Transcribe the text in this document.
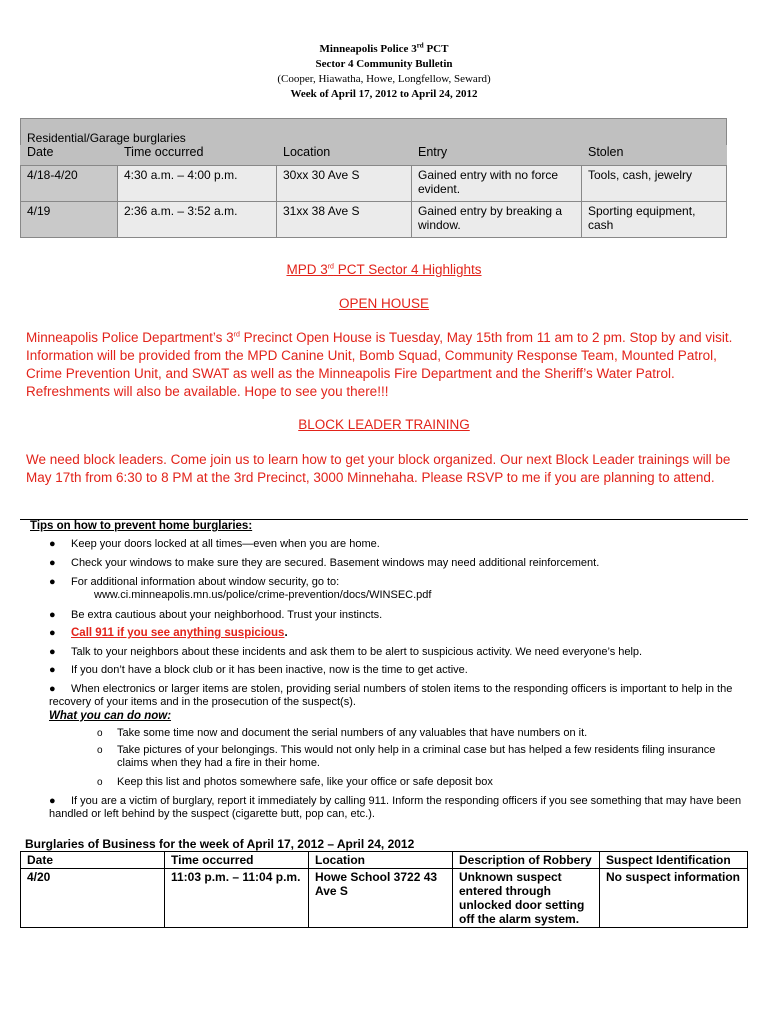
Minneapolis Police 3rd PCT
Sector 4 Community Bulletin
(Cooper, Hiawatha, Howe, Longfellow, Seward)
Week of April 17, 2012 to April 24, 2012
Residential/Garage burglaries				
Date	Time occurred	Location	Entry	Stolen
4/18-4/20	4:30 a.m. – 4:00 p.m.	30xx 30 Ave S	Gained entry with no force evident.	Tools, cash, jewelry
4/19	2:36 a.m. – 3:52 a.m.	31xx 38 Ave S	Gained entry by breaking a window.	Sporting equipment, cash
MPD 3rd PCT Sector 4 Highlights
OPEN HOUSE
Minneapolis Police Department’s 3rd Precinct Open House is Tuesday, May 15th from 11 am to 2 pm. Stop by and visit. Information will be provided from the MPD Canine Unit, Bomb Squad, Community Response Team, Mounted Patrol, Crime Prevention Unit, and SWAT as well as the Minneapolis Fire Department and the Sheriff’s Water Patrol. Refreshments will also be available. Hope to see you there!!!
BLOCK LEADER TRAINING
We need block leaders. Come join us to learn how to get your block organized. Our next Block Leader trainings will be May 17th from 6:30 to 8 PM at the 3rd Precinct, 3000 Minnehaha. Please RSVP to me if you are planning to attend.
Tips on how to prevent home burglaries:
● Keep your doors locked at all times—even when you are home.
● Check your windows to make sure they are secured. Basement windows may need additional reinforcement.
● For additional information about window security, go to:
www.ci.minneapolis.mn.us/police/crime-prevention/docs/WINSEC.pdf
● Be extra cautious about your neighborhood. Trust your instincts.
● Call 911 if you see anything suspicious.
● Talk to your neighbors about these incidents and ask them to be alert to suspicious activity. We need everyone’s help.
● If you don’t have a block club or it has been inactive, now is the time to get active.
●	When electronics or larger items are stolen, providing serial numbers of stolen items to the responding officers is important to help in the recovery of your items and in the prosecution of the suspect(s).
What you can do now:
o Take some time now and document the serial numbers of any valuables that have numbers on it.
o Take pictures of your belongings. This would not only help in a criminal case but has helped a few residents filing insurance claims when they had a fire in their home.
o Keep this list and photos somewhere safe, like your office or safe deposit box
●	If you are a victim of burglary, report it immediately by calling 911. Inform the responding officers if you see something that may have been handled or left behind by the suspect (cigarette butt, pop can, etc.).
Burglaries of Business for the week of April 17, 2012 – April 24, 2012
Date	Time occurred	Location	Description of Robbery	Suspect Identification
4/20	11:03 p.m. – 11:04 p.m.	Howe School 3722 43 Ave S	Unknown suspect entered through unlocked door setting off the alarm system.	No suspect information
